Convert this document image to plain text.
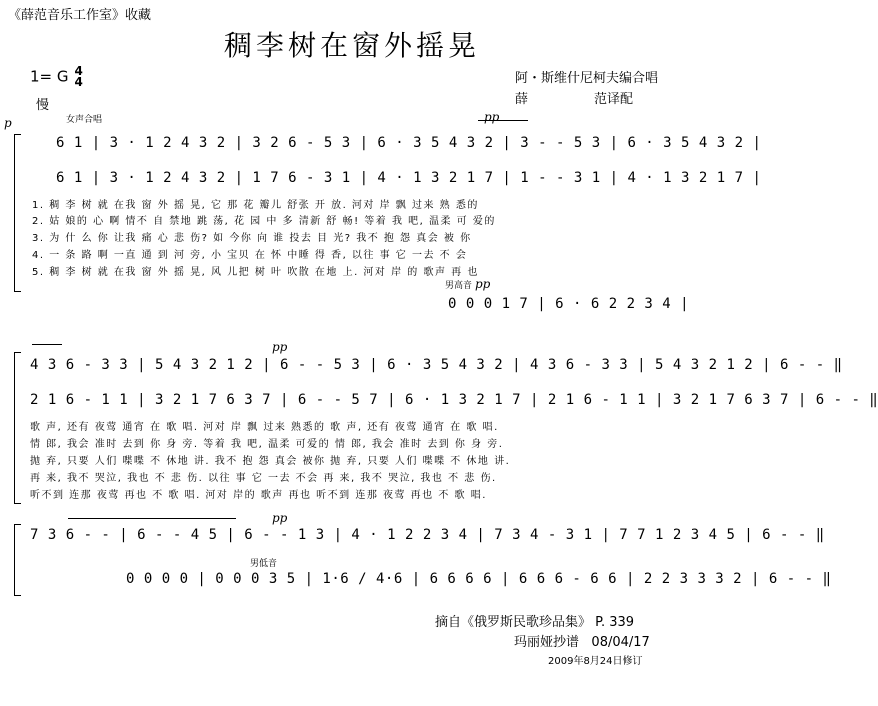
《薛范音乐工作室》收藏
稠李树在窗外摇晃
1= G 4
4
慢
阿・斯维什尼柯夫编合唱
薛	范译配
女声合唱
p	pp
6 1 | 3 · 1 2 4 3 2 | 3 2 6 - 5 3 | 6 · 3 5 4 3 2 | 3 - - 5 3 | 6 · 3 5 4 3 2 |
6 1 | 3 · 1 2 4 3 2 | 1 7 6 - 3 1 | 4 · 1 3 2 1 7 | 1 - - 3 1 | 4 · 1 3 2 1 7 |
1. 稠 李 树 就 在我 窗 外 摇 晃, 它 那 花 瓣儿 舒张 开 放. 河对 岸 飘 过来 熟 悉的
2. 姑 娘的 心 啊 情不 自 禁地 跳 荡, 花 园 中 多 清新 舒 畅! 等着 我 吧, 温柔 可 爱的
3. 为 什 么 你 让我 痛 心 悲 伤? 如 今你 向 谁 投去 目 光? 我不 抱 怨 真会 被 你
4. 一 条 路 啊 一直 通 到 河 旁, 小 宝贝 在 怀 中睡 得 香, 以往 事 它 一去 不 会
5. 稠 李 树 就 在我 窗 外 摇 晃, 风 儿把 树 叶 吹散 在地 上. 河对 岸 的 歌声 再 也
男高音 pp
0 0 0 1 7 | 6 · 6 2 2 3 4 |
pp
4 3 6 - 3 3 | 5 4 3 2 1 2 | 6 - - 5 3 | 6 · 3 5 4 3 2 | 4 3 6 - 3 3 | 5 4 3 2 1 2 | 6 - - ‖
2 1 6 - 1 1 | 3 2 1 7 6 3 7 | 6 - - 5 7 | 6 · 1 3 2 1 7 | 2 1 6 - 1 1 | 3 2 1 7 6 3 7 | 6 - - ‖
歌 声, 还有 夜莺 通宵 在 歌 唱. 河对 岸 飘 过来 熟悉的 歌 声, 还有 夜莺 通宵 在 歌 唱.
情 郎, 我会 准时 去到 你 身 旁. 等着 我 吧, 温柔 可爱的 情 郎, 我会 准时 去到 你 身 旁.
抛 弃, 只要 人们 喋喋 不 休地 讲. 我不 抱 怨 真会 被你 抛 弃, 只要 人们 喋喋 不 休地 讲.
再 来, 我不 哭泣, 我也 不 悲 伤. 以往 事 它 一去 不会 再 来, 我不 哭泣, 我也 不 悲 伤.
听不到 连那 夜莺 再也 不 歌 唱. 河对 岸的 歌声 再也 听不到 连那 夜莺 再也 不 歌 唱.
pp
7 3 6 - - | 6 - - 4 5 | 6 - - 1 3 | 4 · 1 2 2 3 4 | 7 3 4 - 3 1 | 7 7 1 2 3 4 5 | 6 - - ‖
男低音
0 0 0 0 | 0 0 0 3 5 | 1·6 / 4·6 | 6 6 6 6 | 6 6 6 - 6 6 | 2 2 3 3 3 2 | 6 - - ‖
摘自《俄罗斯民歌珍品集》 P. 339
玛丽娅抄谱 08/04/17
2009年8月24日修订
